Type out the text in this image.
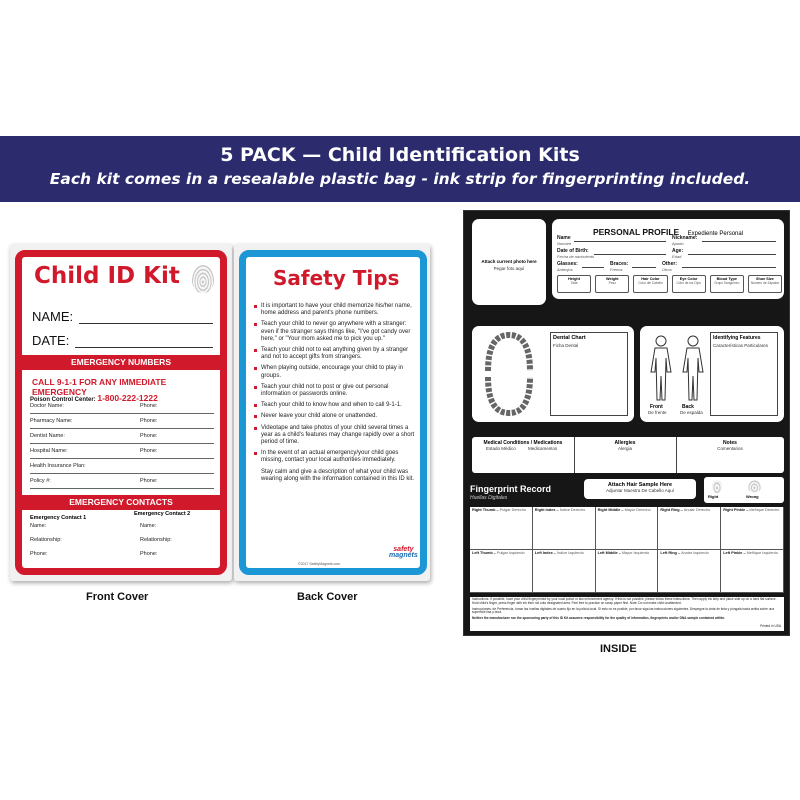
5 PACK — Child Identification Kits
Each kit comes in a resealable plastic bag - ink strip for fingerprinting included.
Child ID Kit
NAME:
DATE:
EMERGENCY NUMBERS
CALL 9-1-1 FOR ANY IMMEDIATE EMERGENCY
Poison Control Center: 1-800-222-1222
Doctor Name:	Phone:
Pharmacy Name:	Phone:
Dentist Name:	Phone:
Hospital Name:	Phone:
Health Insurance Plan:
Policy #:	Phone:
EMERGENCY CONTACTS
Emergency Contact 1
Emergency Contact 2
Name:	Name:
Relationship:	Relationship:
Phone:	Phone:
Front Cover
Safety Tips
It is important to have your child memorize his/her name, home address and parent's phone numbers.
Teach your child to never go anywhere with a stranger: even if the stranger says things like, "I've got candy over here," or "Your mom asked me to pick you up."
Teach your child not to eat anything given by a stranger and not to accept gifts from strangers.
When playing outside, encourage your child to play in groups.
Teach your child not to post or give out personal information or passwords online.
Teach your child to know how and when to call 9-1-1.
Never leave your child alone or unattended.
Videotape and take photos of your child several times a year as a child's features may change rapidly over a short period of time.
In the event of an actual emergency/your child goes missing, contact your local authorities immediately.
Stay calm and give a description of what your child was wearing along with the information contained in this ID kit.
safety
magnets
©2017 SafetyMagnets.com
Back Cover
Attach current photo here
Pegar foto aquí
PERSONAL PROFILE Expediente Personal
Name
Nombre
Nickname:
Apodo
Date of Birth:
Fecha de nacimiento
Age:
Edad
Glasses:
Anteojos
Braces:
Frenos
Other:
Otros
Height
Talla
Weight
Peso
Hair Color
Color del Cabello
Eye Color
Color de los Ojos
Blood Type
Grupo Sanguíneo
Shoe Size
Número de Zapatos
Dental Chart
Ficha Dental
Front
De frente
Back
De espalda
Identifying Features
Características Particulares
Medical Conditions / Medications
Estado Médico	Medicamentos
Allergies
Alergia
Notes
Comentarios
Fingerprint Record
Huellas Digitales
Attach Hair Sample Here
Adjuntar Muestra De Cabello Aquí
Right	Wrong
Right Thumb – Pulgar Derecho	Right Index – Índice Derecho	Right Middle – Mayor Derecho	Right Ring – Anular Derecho	Right Pinkie – Meñique Derecho
Left Thumb – Pulgar Izquierdo	Left Index – Índice Izquierdo	Left Middle – Mayor Izquierdo	Left Ring – Anular Izquierdo	Left Pinkie – Meñique Izquierdo
Instructions: If possible, have your child fingerprinted by your local police or law enforcement agency. If this is not possible, please follow these instructions: Then apply ink strip and place side up on a hard flat surface. Hold child's finger, press finger with ink then roll onto designated area. Feel free to practice on scrap paper first. Note: Do not make child unattended.
Instrucciones: de Preferencia, tomar las huellas digitales de cuarto fijo en la policía local. Si esto no es posible, por favor siga las instrucciones siguientes. Despegue la cinta de tinta y póngala hacia arriba sobre una superficie lisa y dura.
Neither the manufacturer nor the sponsoring party of this ID Kit assumes responsibility for the quality of information, fingerprints and/or DNA sample contained within.
Printed in USA
INSIDE
